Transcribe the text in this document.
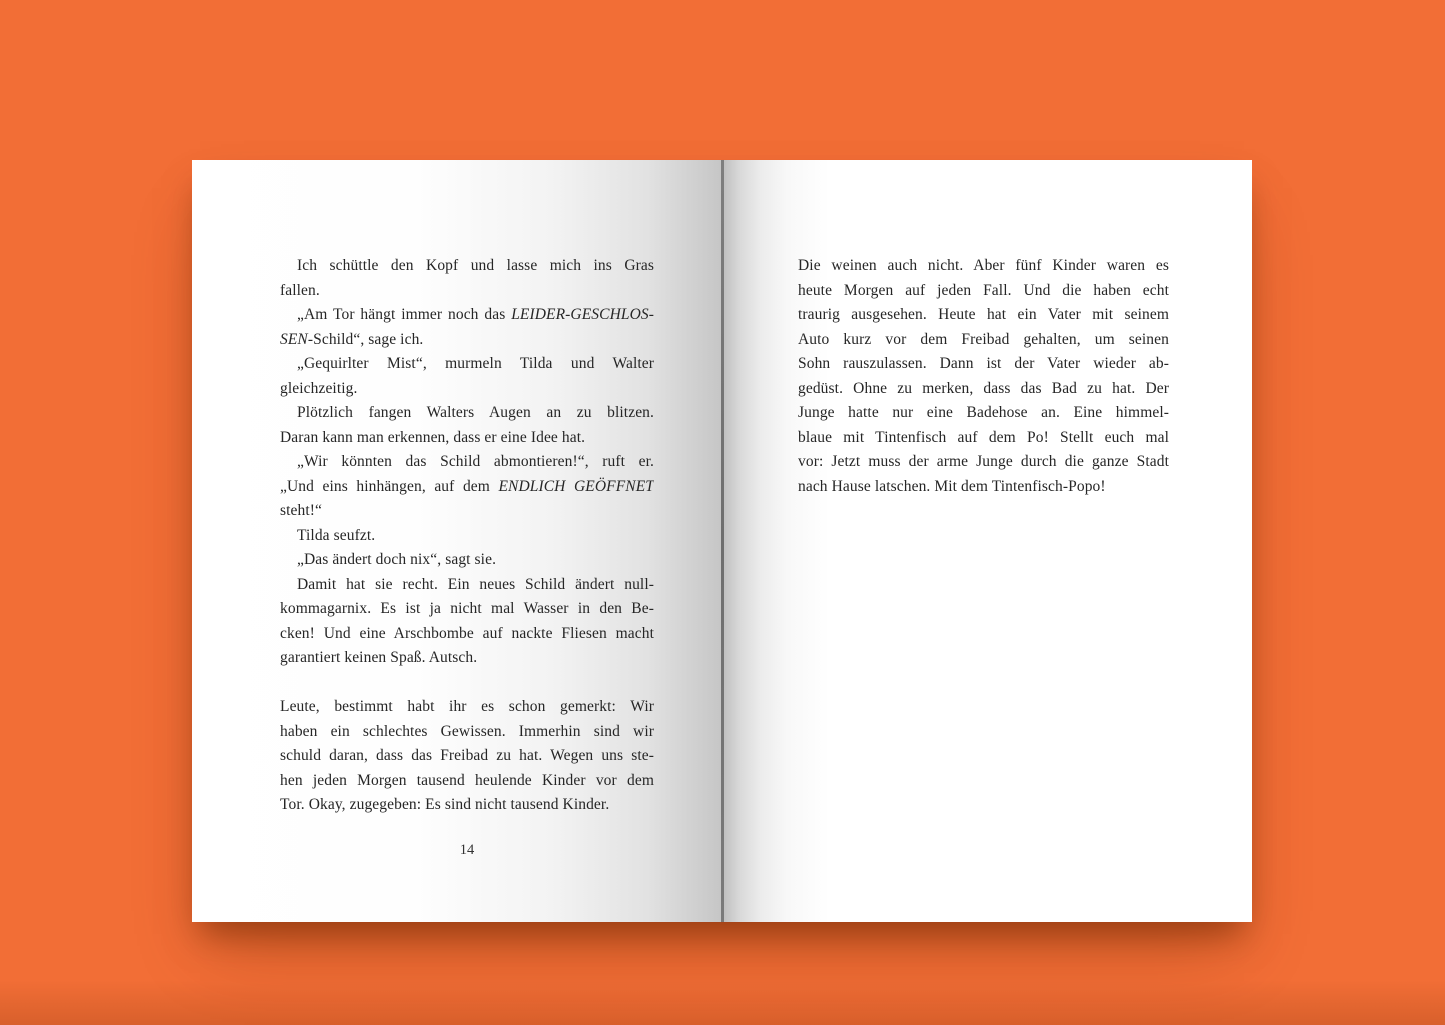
Ich schüttle den Kopf und lasse mich ins Gras
fallen.
„Am Tor hängt immer noch das LEIDER-GESCHLOS-
SEN-Schild“, sage ich.
„Gequirlter Mist“, murmeln Tilda und Walter
gleichzeitig.
Plötzlich fangen Walters Augen an zu blitzen.
Daran kann man erkennen, dass er eine Idee hat.
„Wir könnten das Schild abmontieren!“, ruft er.
„Und eins hinhängen, auf dem ENDLICH GEÖFFNET
steht!“
Tilda seufzt.
„Das ändert doch nix“, sagt sie.
Damit hat sie recht. Ein neues Schild ändert null-
kommagarnix. Es ist ja nicht mal Wasser in den Be-
cken! Und eine Arschbombe auf nackte Fliesen macht
garantiert keinen Spaß. Autsch.
Leute, bestimmt habt ihr es schon gemerkt: Wir
haben ein schlechtes Gewissen. Immerhin sind wir
schuld daran, dass das Freibad zu hat. Wegen uns ste-
hen jeden Morgen tausend heulende Kinder vor dem
Tor. Okay, zugegeben: Es sind nicht tausend Kinder.
14
Die weinen auch nicht. Aber fünf Kinder waren es
heute Morgen auf jeden Fall. Und die haben echt
traurig ausgesehen. Heute hat ein Vater mit seinem
Auto kurz vor dem Freibad gehalten, um seinen
Sohn rauszulassen. Dann ist der Vater wieder ab-
gedüst. Ohne zu merken, dass das Bad zu hat. Der
Junge hatte nur eine Badehose an. Eine himmel-
blaue mit Tintenfisch auf dem Po! Stellt euch mal
vor: Jetzt muss der arme Junge durch die ganze Stadt
nach Hause latschen. Mit dem Tintenfisch-Popo!
